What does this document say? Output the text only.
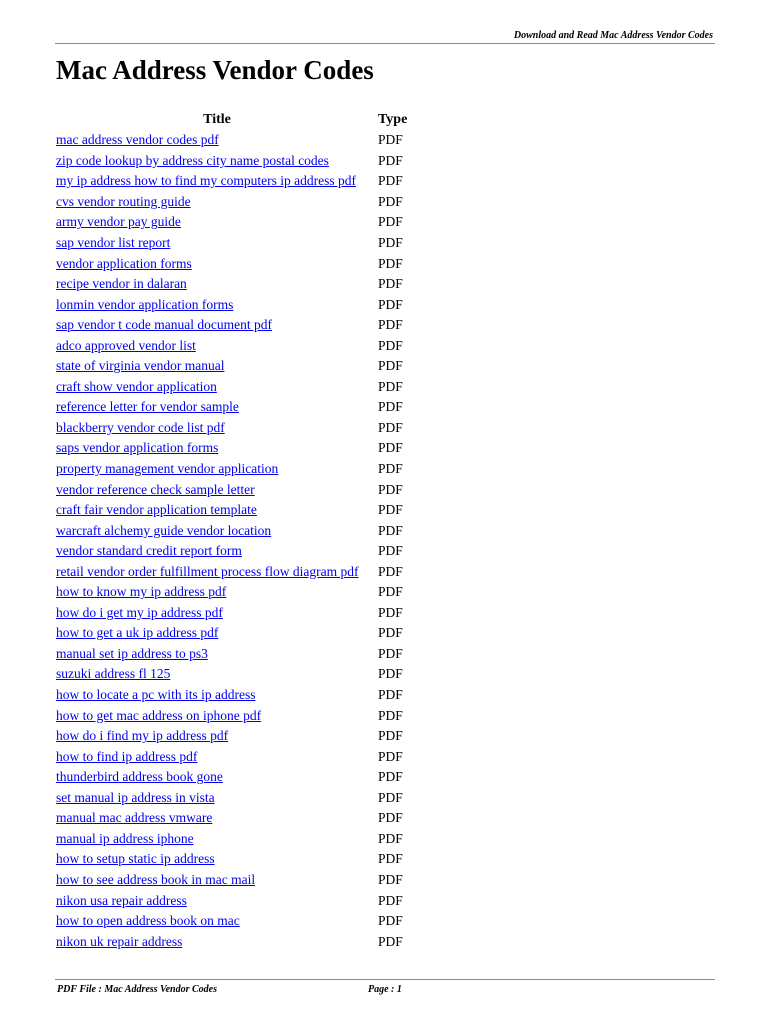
Download and Read Mac Address Vendor Codes
Mac Address Vendor Codes
Title	Type
mac address vendor codes pdf	PDF
zip code lookup by address city name postal codes	PDF
my ip address how to find my computers ip address pdf	PDF
cvs vendor routing guide	PDF
army vendor pay guide	PDF
sap vendor list report	PDF
vendor application forms	PDF
recipe vendor in dalaran	PDF
lonmin vendor application forms	PDF
sap vendor t code manual document pdf	PDF
adco approved vendor list	PDF
state of virginia vendor manual	PDF
craft show vendor application	PDF
reference letter for vendor sample	PDF
blackberry vendor code list pdf	PDF
saps vendor application forms	PDF
property management vendor application	PDF
vendor reference check sample letter	PDF
craft fair vendor application template	PDF
warcraft alchemy guide vendor location	PDF
vendor standard credit report form	PDF
retail vendor order fulfillment process flow diagram pdf	PDF
how to know my ip address pdf	PDF
how do i get my ip address pdf	PDF
how to get a uk ip address pdf	PDF
manual set ip address to ps3	PDF
suzuki address fl 125	PDF
how to locate a pc with its ip address	PDF
how to get mac address on iphone pdf	PDF
how do i find my ip address pdf	PDF
how to find ip address pdf	PDF
thunderbird address book gone	PDF
set manual ip address in vista	PDF
manual mac address vmware	PDF
manual ip address iphone	PDF
how to setup static ip address	PDF
how to see address book in mac mail	PDF
nikon usa repair address	PDF
how to open address book on mac	PDF
nikon uk repair address	PDF
PDF File : Mac Address Vendor Codes	Page : 1
